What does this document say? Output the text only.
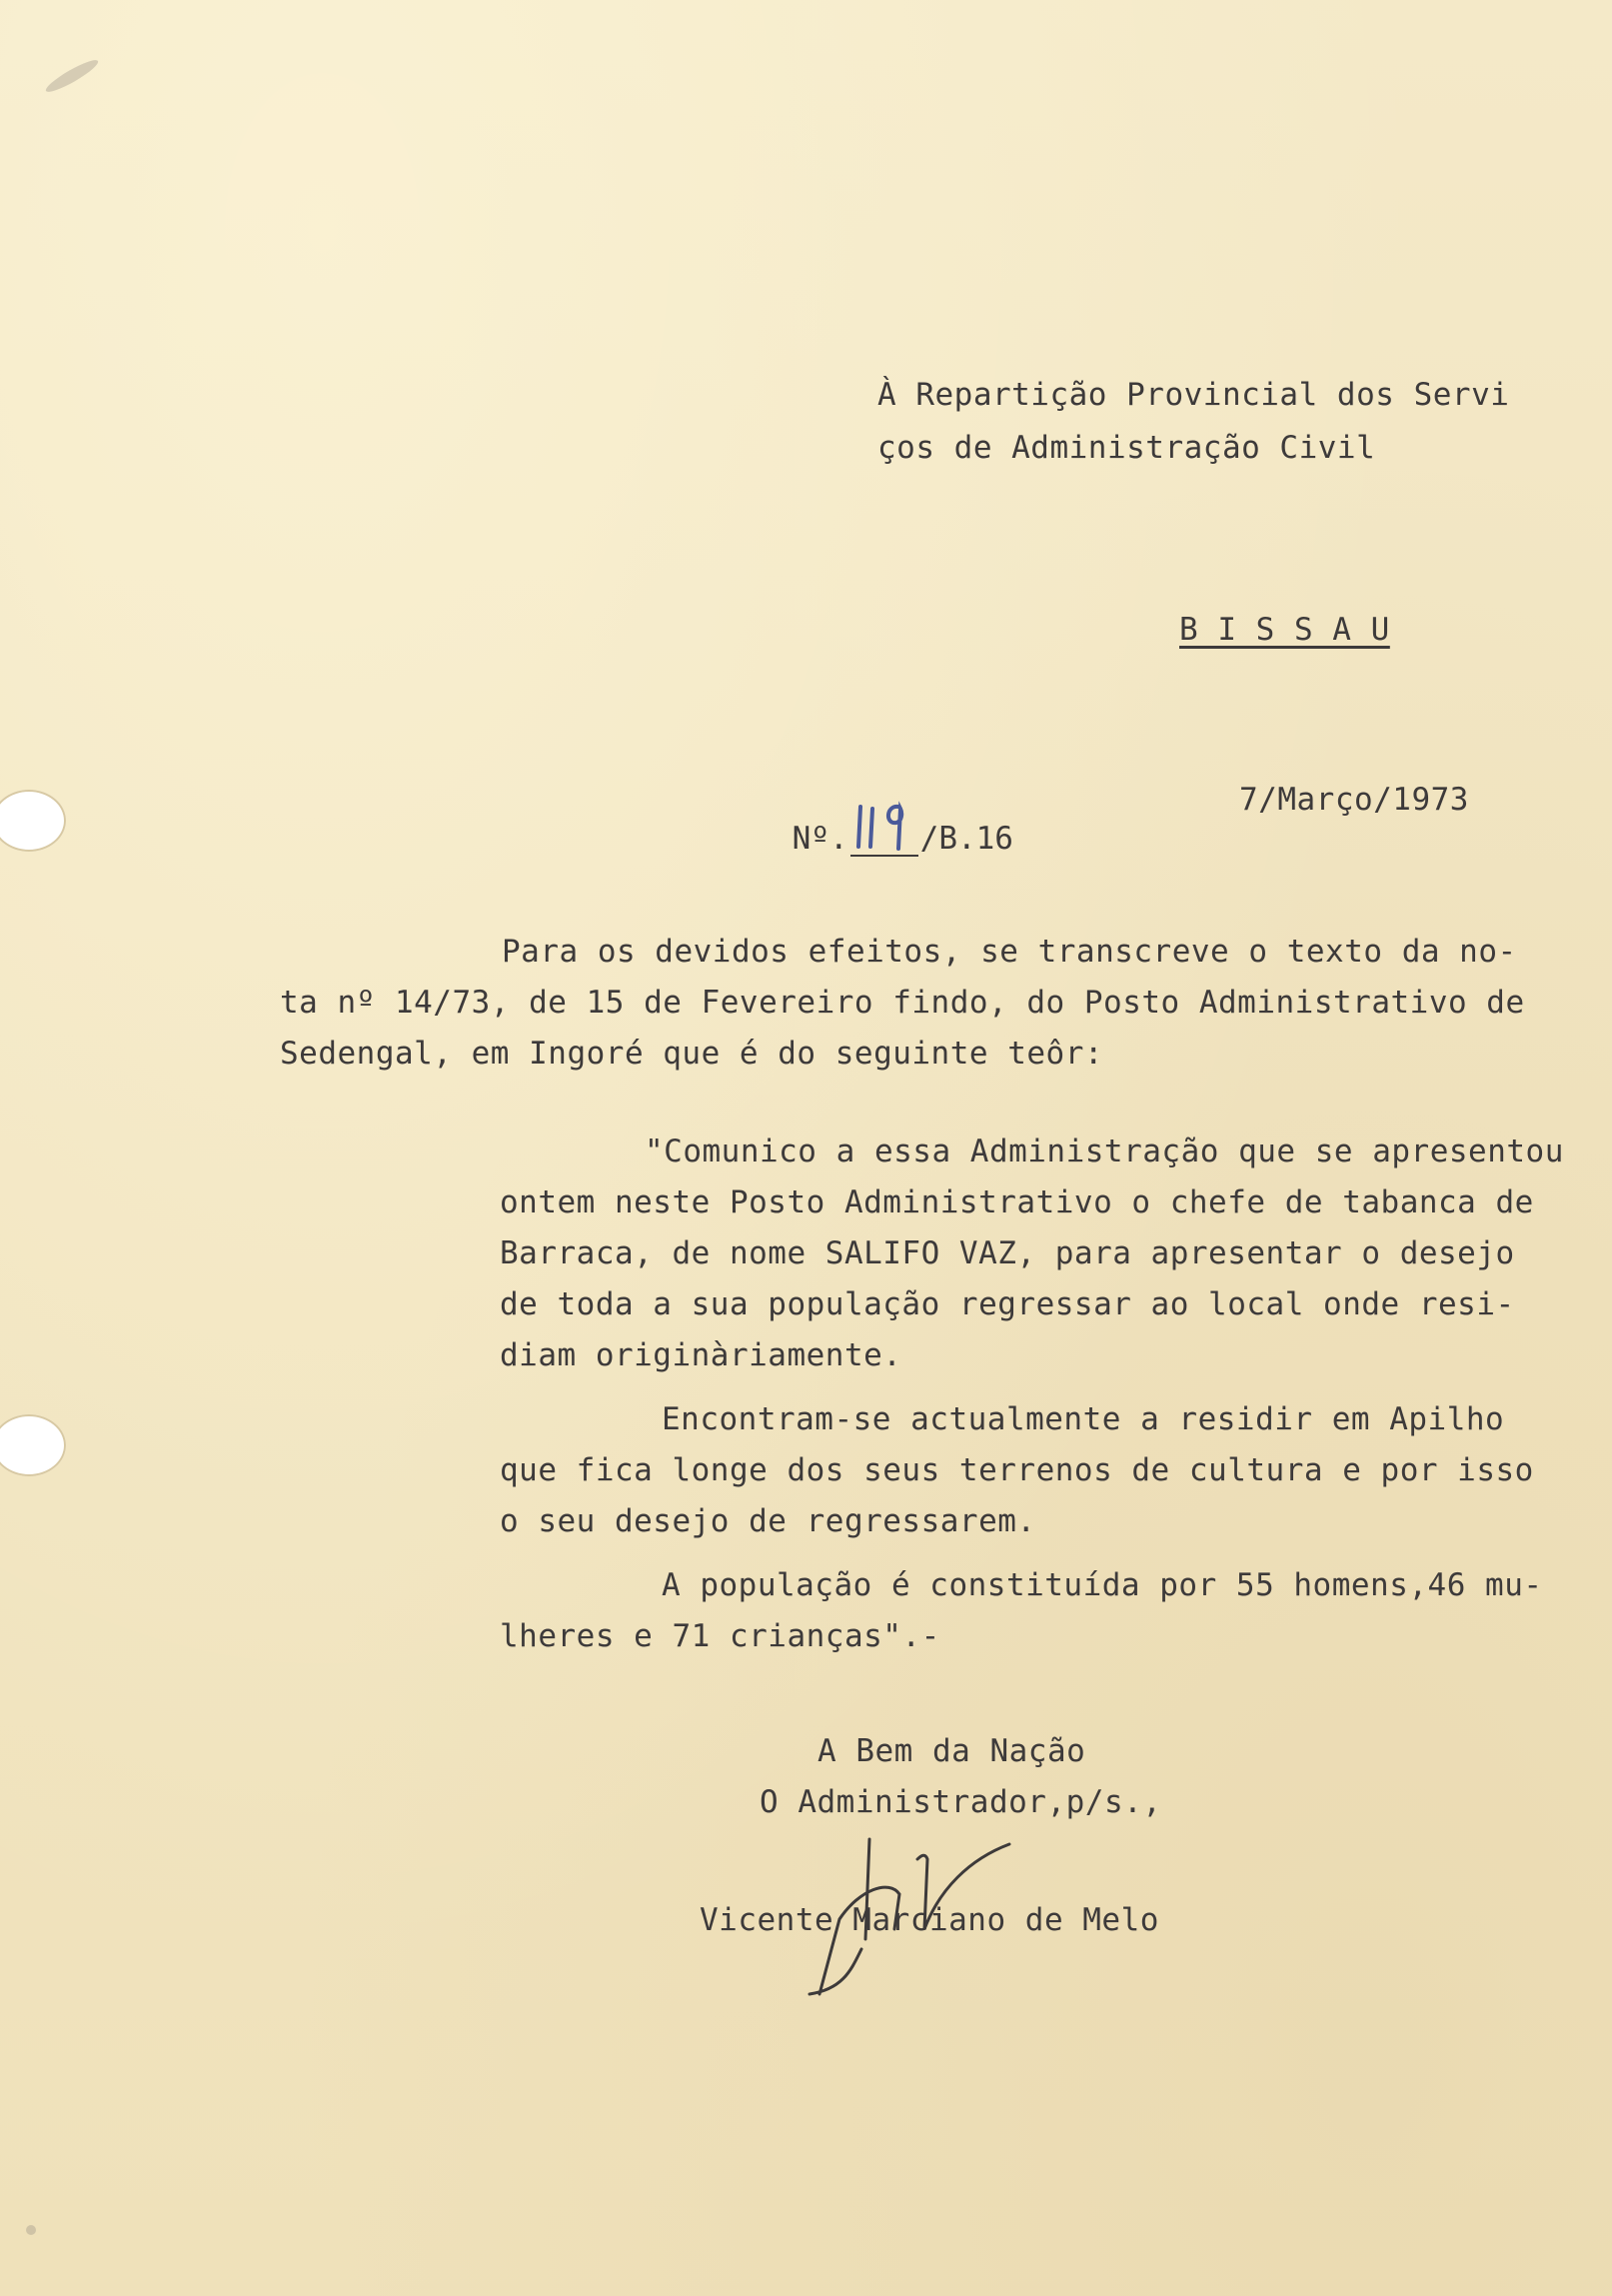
À Repartição Provincial dos Servi
ços de Administração Civil
B I S S A U

Nº. /B.16

7/Março/1973
Para os devidos efeitos, se transcreve o texto da no-
ta nº 14/73, de 15 de Fevereiro findo, do Posto Administrativo de
Sedengal, em Ingoré que é do seguinte teôr:
"Comunico a essa Administração que se apresentou
ontem neste Posto Administrativo o chefe de tabanca de
Barraca, de nome SALIFO VAZ, para apresentar o desejo
de toda a sua população regressar ao local onde resi-
diam originàriamente.
Encontram-se actualmente a residir em Apilho
que fica longe dos seus terrenos de cultura e por isso
o seu desejo de regressarem.
A população é constituída por 55 homens,46 mu-
lheres e 71 crianças".-
A Bem da Nação
O Administrador,p/s.,
Vicente Marciano de Melo
